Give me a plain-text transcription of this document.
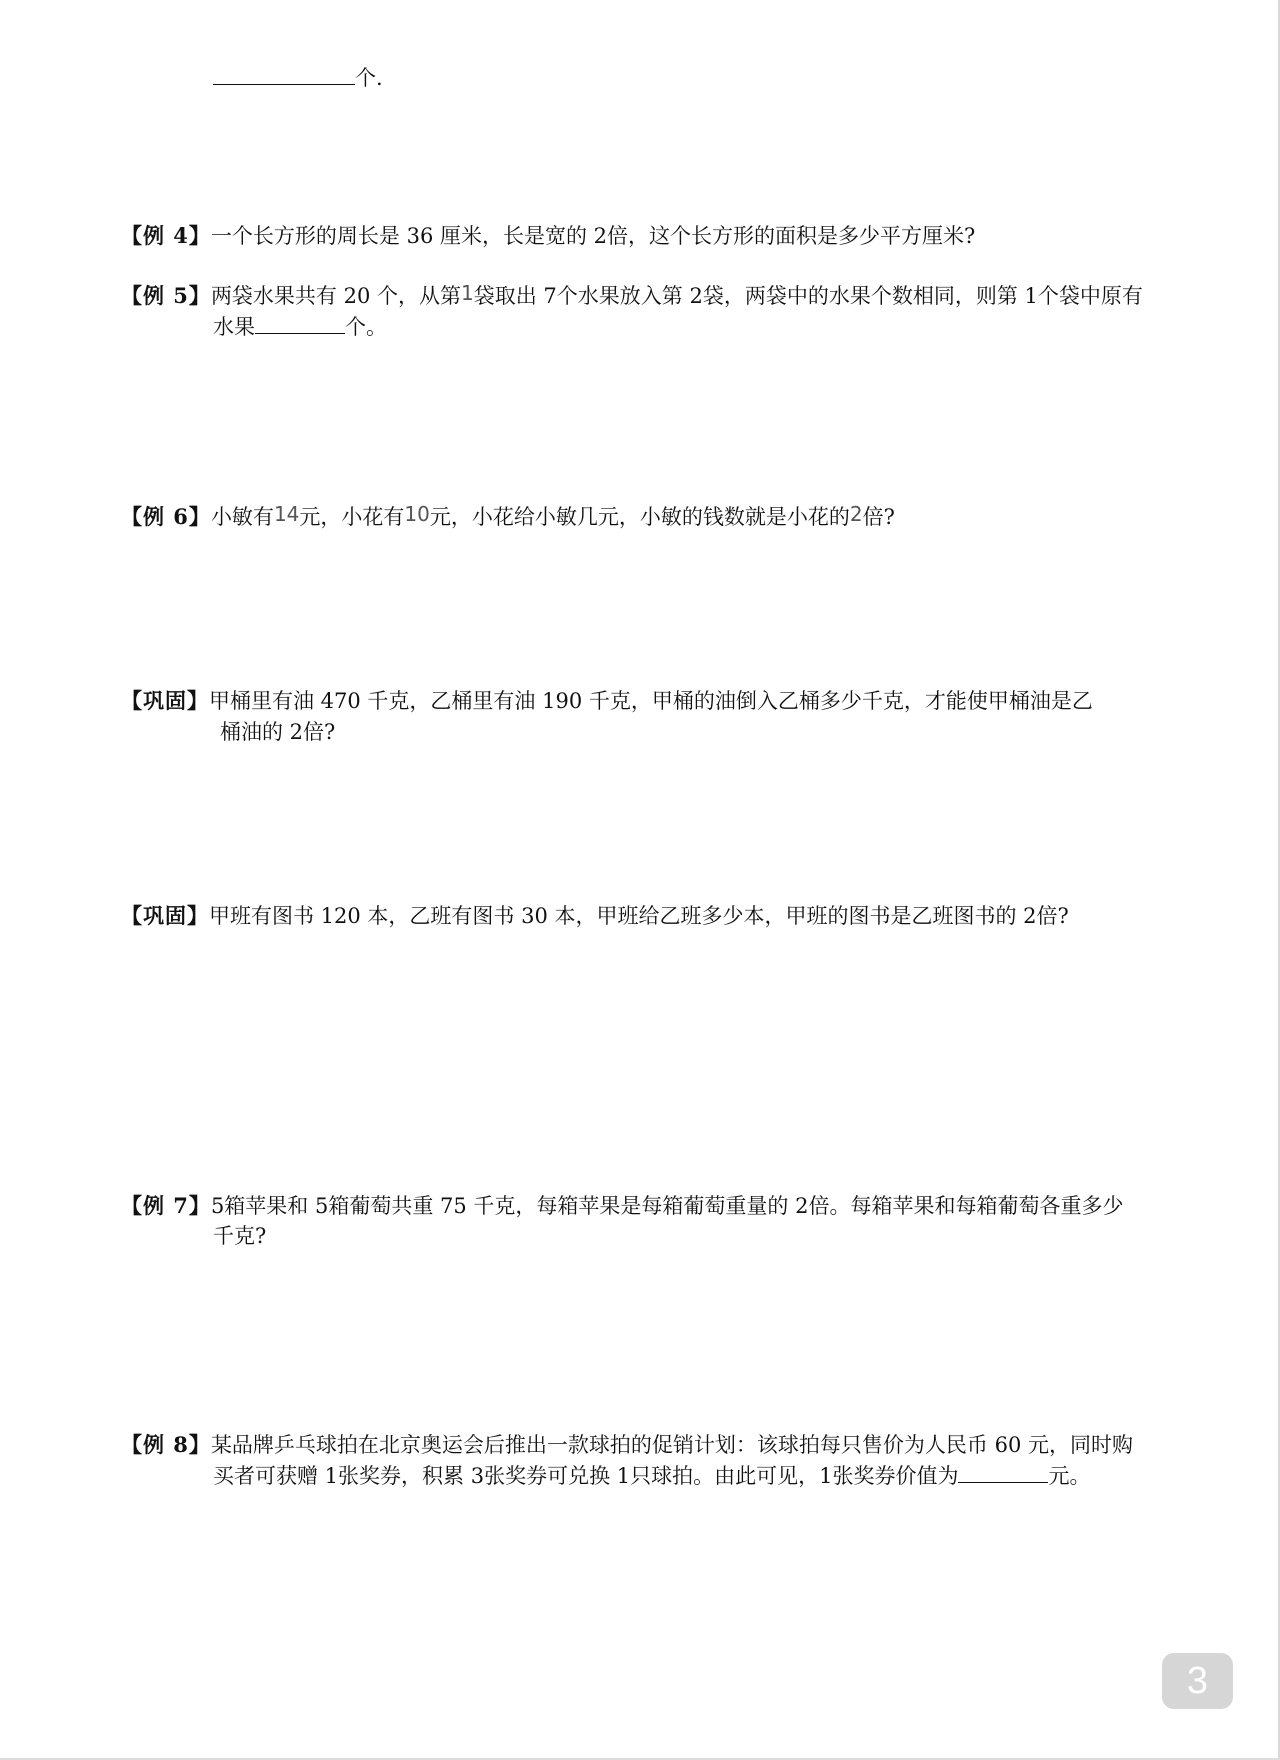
个.
【例 4】一个长方形的周长是 36 厘米，长是宽的 2倍，这个长方形的面积是多少平方厘米?
【例 5】两袋水果共有 20 个，从第1袋取出 7个水果放入第 2袋，两袋中的水果个数相同，则第 1个袋中原有
水果	个。
【例 6】小敏有14元，小花有10元，小花给小敏几元，小敏的钱数就是小花的2倍?
【巩固】甲桶里有油 470 千克，乙桶里有油 190 千克，甲桶的油倒入乙桶多少千克，才能使甲桶油是乙
桶油的 2倍?
【巩固】甲班有图书 120 本，乙班有图书 30 本，甲班给乙班多少本，甲班的图书是乙班图书的 2倍?
【例 7】5箱苹果和 5箱葡萄共重 75 千克，每箱苹果是每箱葡萄重量的 2倍。每箱苹果和每箱葡萄各重多少
千克?
【例 8】某品牌乒乓球拍在北京奥运会后推出一款球拍的促销计划：该球拍每只售价为人民币 60 元，同时购
买者可获赠 1张奖券，积累 3张奖券可兑换 1只球拍。由此可见，1张奖券价值为	元。
3
